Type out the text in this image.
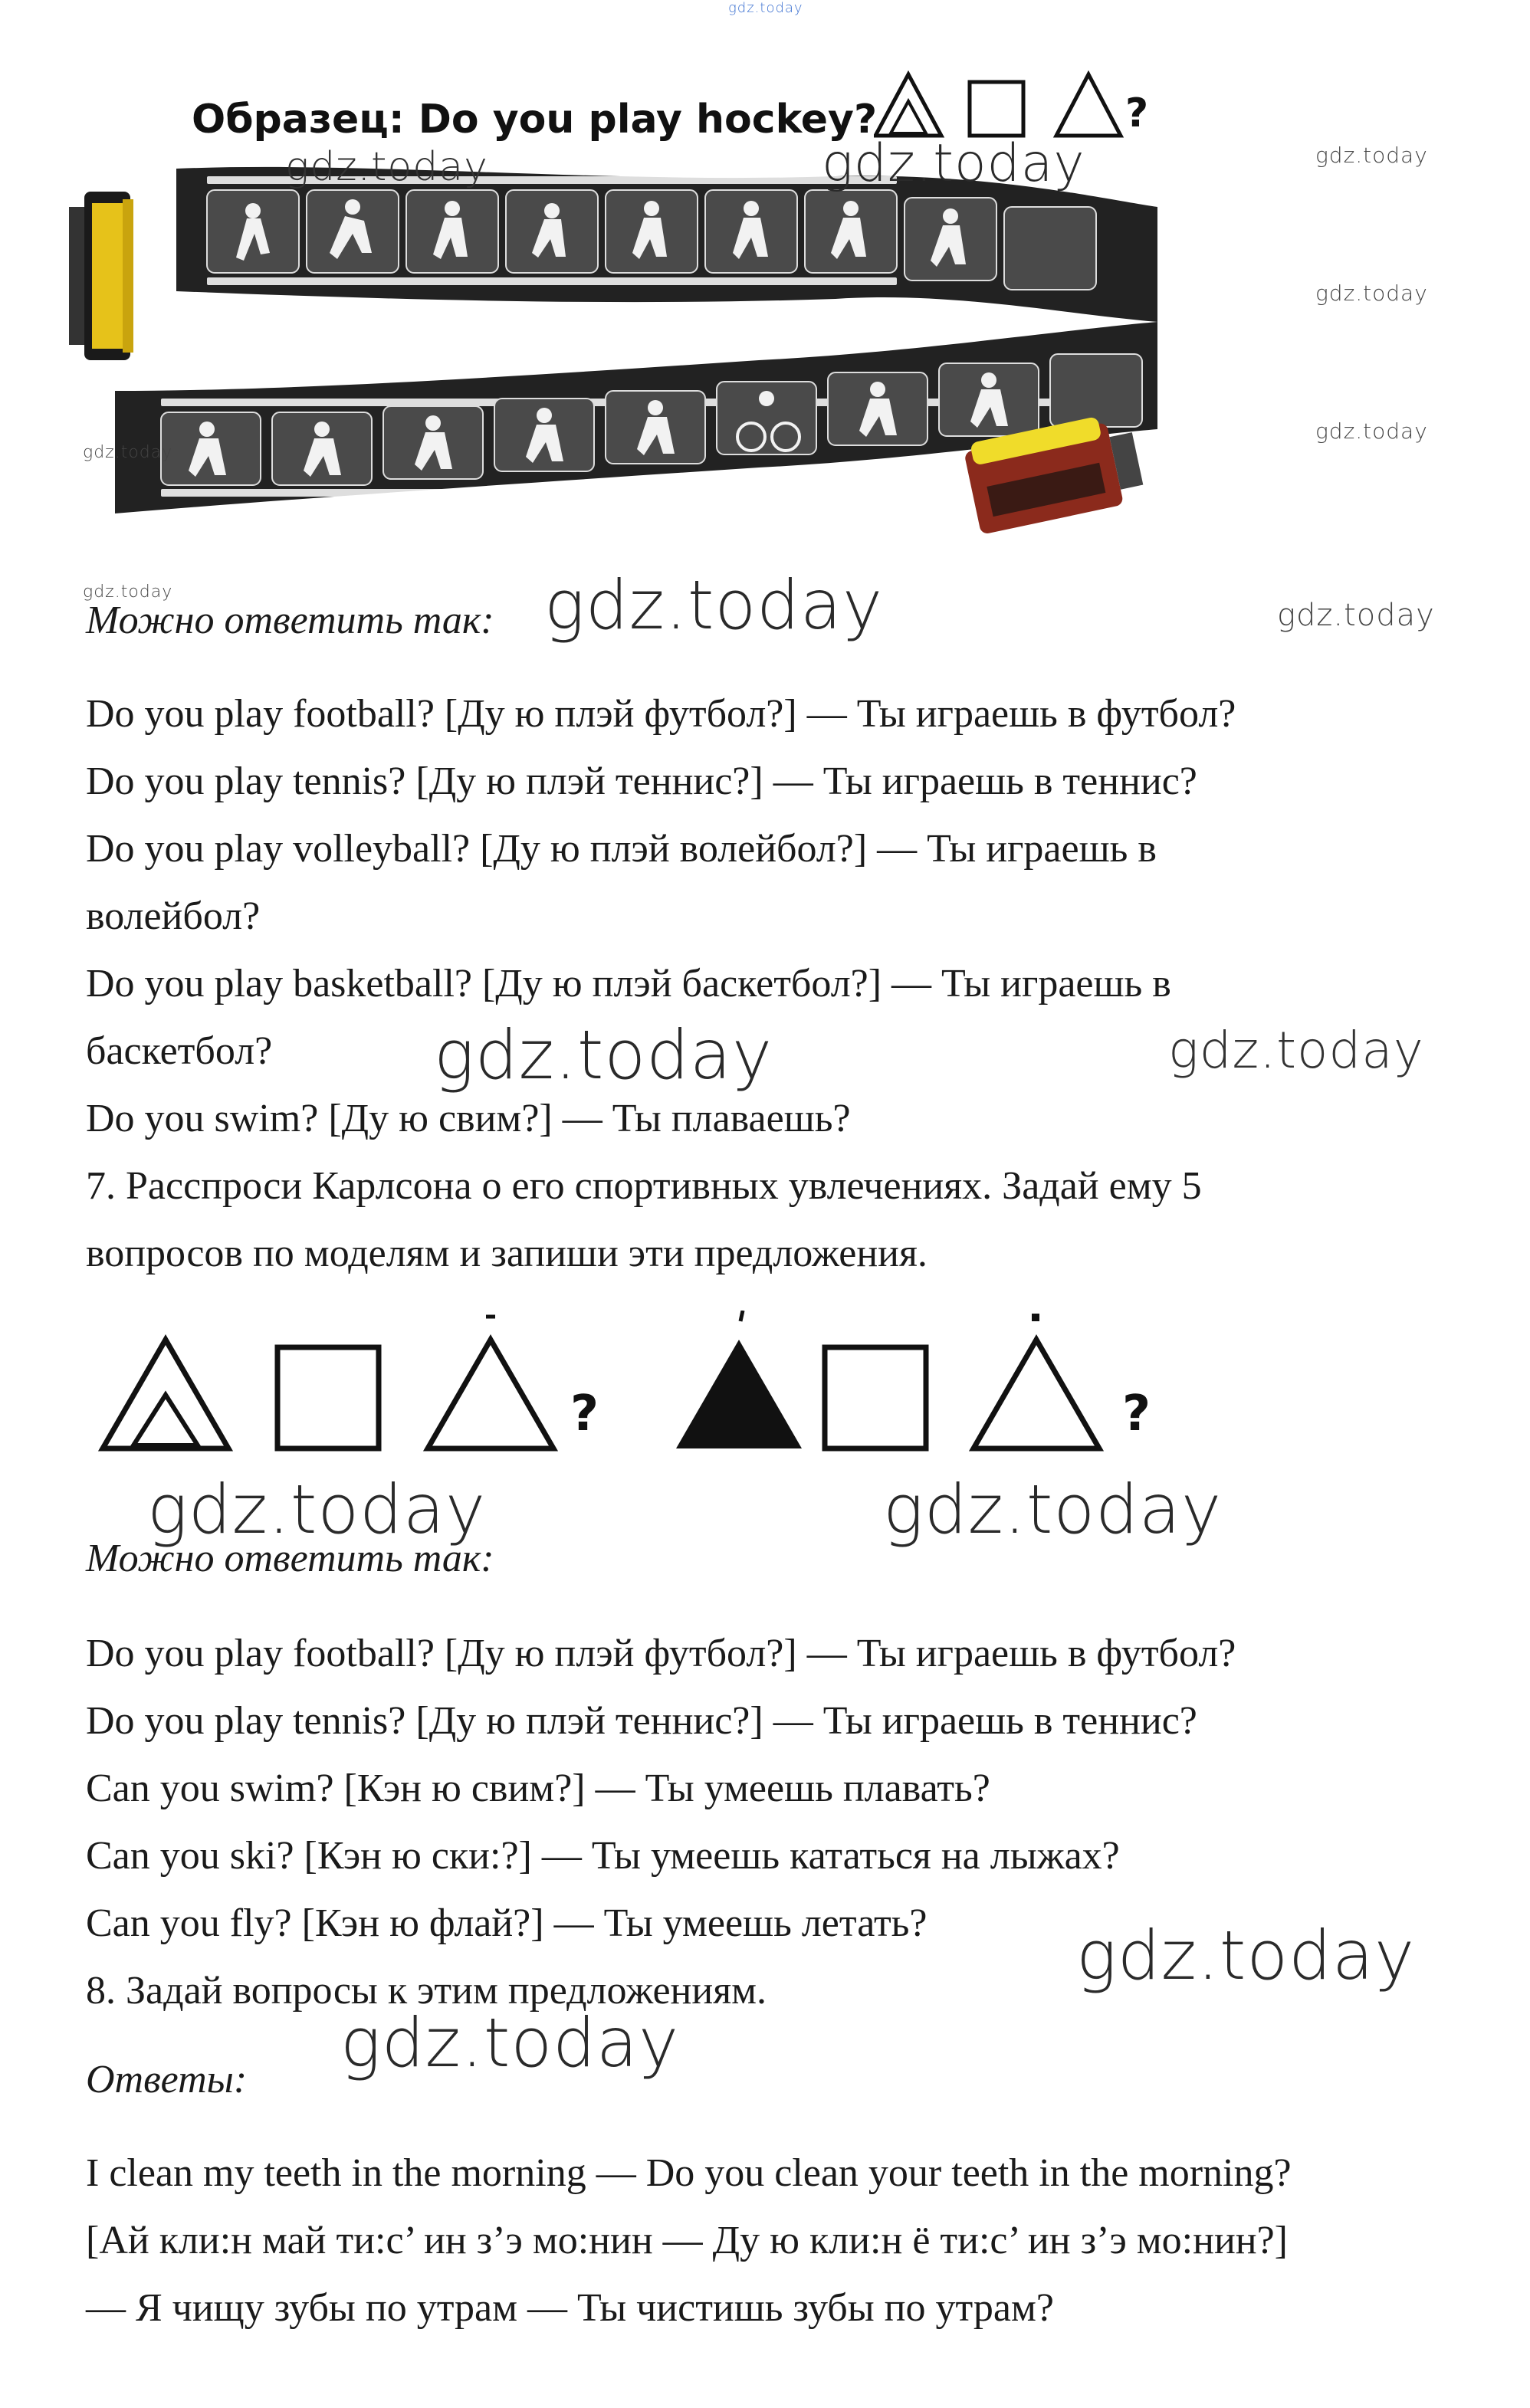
gdz.today
Образец: Do you play hockey?	?
gdz.today	gdz.today	gdz.today
gdz.today
gdz.today
gdz.today
gdz.today
Можно ответить так: gdz.today	gdz.today
Do you play football? [Ду ю плэй футбол?] — Ты играешь в футбол?
Do you play tennis? [Ду ю плэй теннис?] — Ты играешь в теннис?
Do you play volleyball? [Ду ю плэй волейбол?] — Ты играешь в
волейбол?
Do you play basketball? [Ду ю плэй баскетбол?] — Ты играешь в
баскетбол?
Do you swim? [Ду ю свим?] — Ты плаваешь?
7. Расспроси Карлсона о его спортивных увлечениях. Задай ему 5
вопросов по моделям и запиши эти предложения.
gdz.today	gdz.today
?	?
gdz.today	gdz.today
Можно ответить так:
Do you play football? [Ду ю плэй футбол?] — Ты играешь в футбол?
Do you play tennis? [Ду ю плэй теннис?] — Ты играешь в теннис?
Can you swim? [Кэн ю свим?] — Ты умеешь плавать?
Can you ski? [Кэн ю ски:?] — Ты умеешь кататься на лыжах?
Can you fly? [Кэн ю флай?] — Ты умеешь летать?
8. Задай вопросы к этим предложениям.	gdz.today
gdz.today
Ответы:
I clean my teeth in the morning — Do you clean your teeth in the morning?
[Ай кли:н май ти:с’ ин з’э мо:нин — Ду ю кли:н ё ти:с’ ин з’э мо:нин?]
— Я чищу зубы по утрам — Ты чистишь зубы по утрам?
